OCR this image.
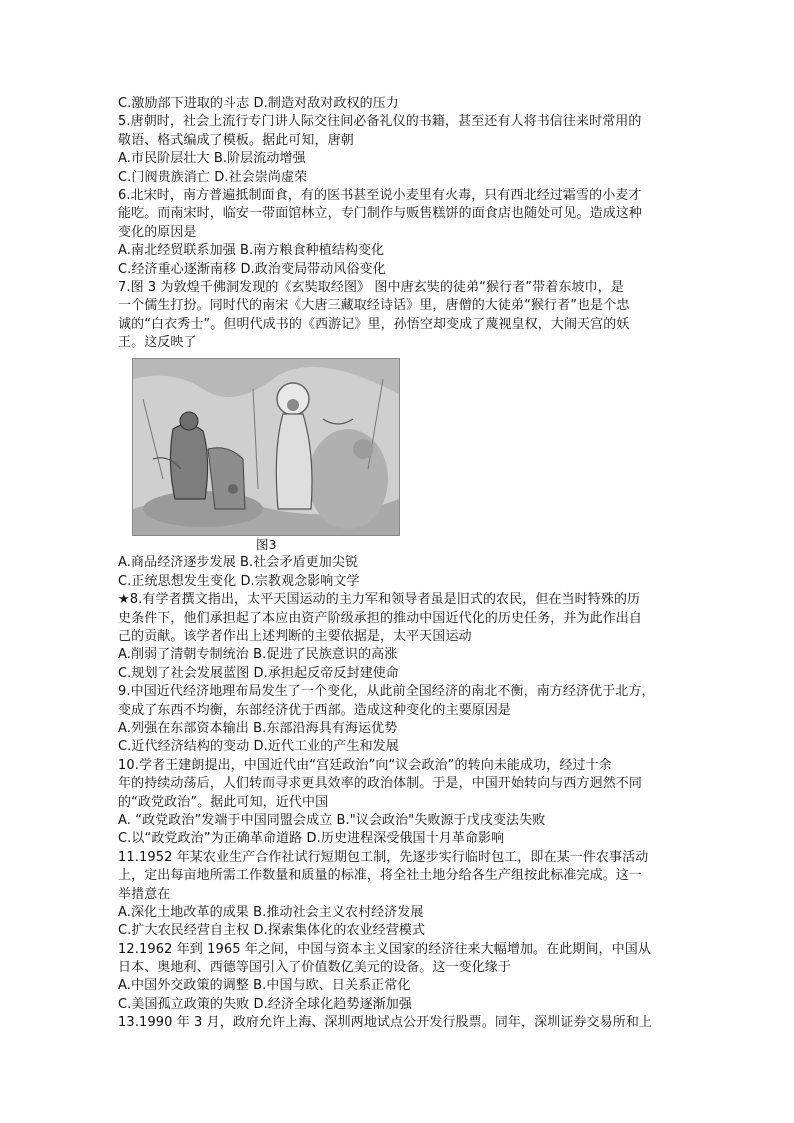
C.激励部下进取的斗志 D.制造对敌对政权的压力
5.唐朝时，社会上流行专门讲人际交往间必备礼仪的书籍，甚至还有人将书信往来时常用的
敬语、格式编成了模板。据此可知，唐朝
A.市民阶层壮大 B.阶层流动增强
C.门阀贵族消亡 D.社会崇尚虚荣
6.北宋时，南方普遍抵制面食，有的医书甚至说小麦里有火毒，只有西北经过霜雪的小麦才
能吃。而南宋时，临安一带面馆林立，专门制作与贩售糕饼的面食店也随处可见。造成这种
变化的原因是
A.南北经贸联系加强 B.南方粮食种植结构变化
C.经济重心逐渐南移 D.政治变局带动风俗变化
7.图 3 为敦煌千佛洞发现的《玄奘取经图》 图中唐玄奘的徒弟“猴行者”带着东坡巾，是
一个儒生打扮。同时代的南宋《大唐三藏取经诗话》里，唐僧的大徒弟“猴行者”也是个忠
诚的“白衣秀士”。但明代成书的《西游记》里，孙悟空却变成了蔑视皇权，大闹天宫的妖
王。这反映了
图3
A.商品经济逐步发展 B.社会矛盾更加尖锐
C.正统思想发生变化 D.宗教观念影响文学
★8.有学者撰文指出，太平天国运动的主力军和领导者虽是旧式的农民，但在当时特殊的历
史条件下，他们承担起了本应由资产阶级承担的推动中国近代化的历史任务，并为此作出自
己的贡献。该学者作出上述判断的主要依据是，太平天国运动
A.削弱了清朝专制统治 B.促进了民族意识的高涨
C.规划了社会发展蓝图 D.承担起反帝反封建使命
9.中国近代经济地理布局发生了一个变化，从此前全国经济的南北不衡，南方经济优于北方，
变成了东西不均衡，东部经济优于西部。造成这种变化的主要原因是
A.列强在东部资本输出 B.东部沿海具有海运优势
C.近代经济结构的变动 D.近代工业的产生和发展
10.学者王建朗提出，中国近代由“宫廷政治”向“议会政治”的转向未能成功，经过十余
年的持续动荡后，人们转而寻求更具效率的政治体制。于是，中国开始转向与西方迥然不同
的“政党政治”。据此可知，近代中国
A. “政党政治”发端于中国同盟会成立 B."议会政治"失败源于戊戌变法失败
C.以“政党政治”为正确革命道路 D.历史进程深受俄国十月革命影响
11.1952 年某农业生产合作社试行短期包工制，先逐步实行临时包工，即在某一件农事活动
上，定出每亩地所需工作数量和质量的标准，将全社土地分给各生产组按此标准完成。这一
举措意在
A.深化土地改革的成果 B.推动社会主义农村经济发展
C.扩大农民经营自主权 D.探索集体化的农业经营模式
12.1962 年到 1965 年之间，中国与资本主义国家的经济往来大幅增加。在此期间，中国从
日本、奥地利、西德等国引入了价值数亿美元的设备。这一变化缘于
A.中国外交政策的调整 B.中国与欧、日关系正常化
C.美国孤立政策的失败 D.经济全球化趋势逐渐加强
13.1990 年 3 月，政府允许上海、深圳两地试点公开发行股票。同年，深圳证券交易所和上
